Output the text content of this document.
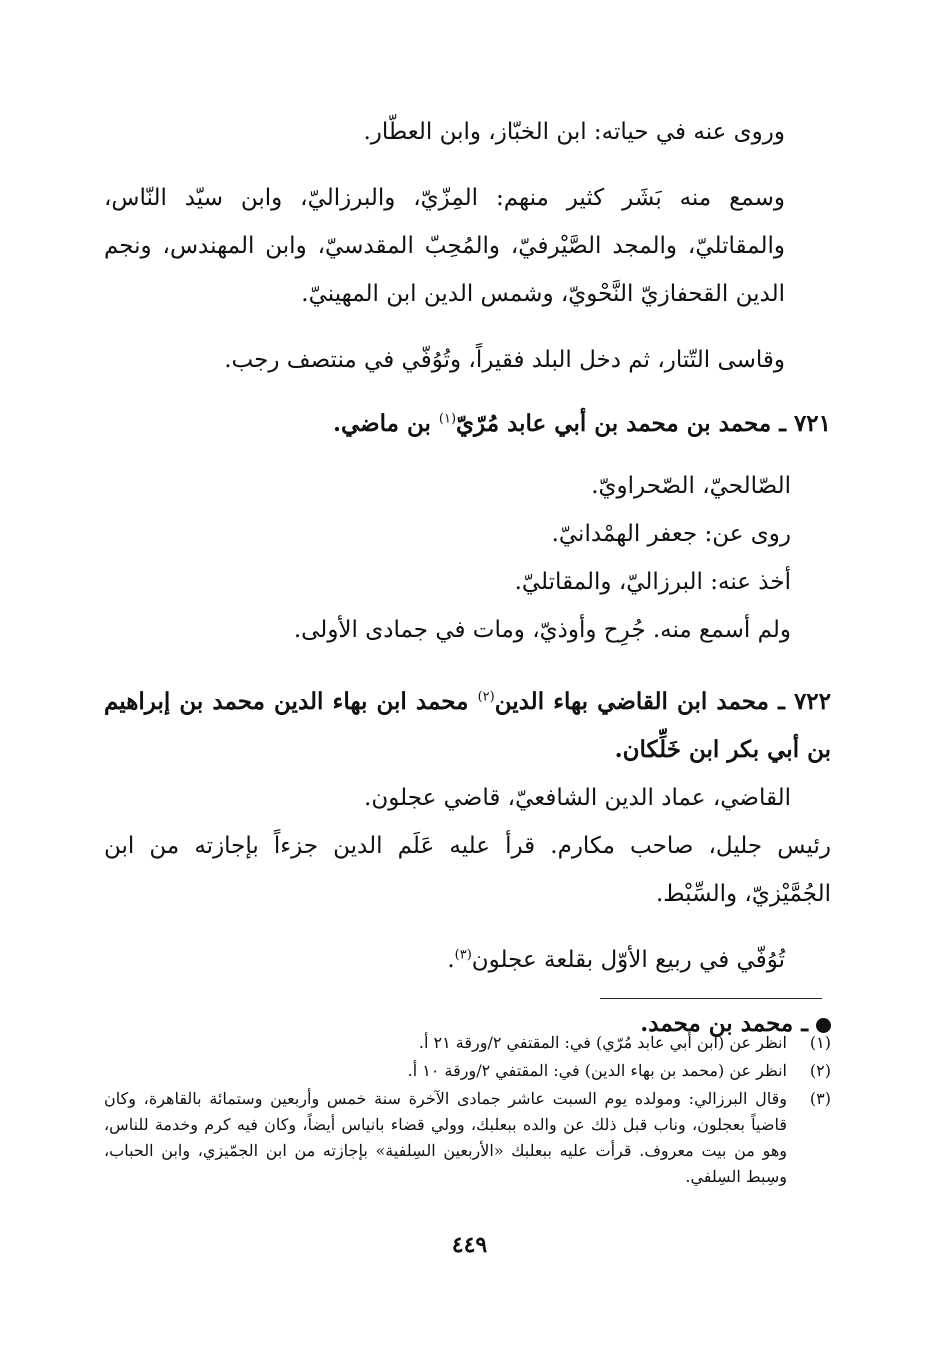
وروى عنه في حياته: ابن الخبّاز، وابن العطّار.

وسمع منه بَشَر كثير منهم: المِزّيّ، والبرزاليّ، وابن سيّد النّاس، والمقاتليّ، والمجد الصَّيْرفيّ، والمُحِبّ المقدسيّ، وابن المهندس، ونجم الدين القحفازيّ النَّحْويّ، وشمس الدين ابن المهينيّ.

وقاسى التّتار، ثم دخل البلد فقيراً، وتُوُفّي في منتصف رجب.

٧٢١ ـ محمد بن محمد بن أبي عابد مُرّيّ$^{(١)}$ بن ماضي.

الصّالحيّ، الصّحراويّ.

روى عن: جعفر الهمْدانيّ.

أخذ عنه: البرزاليّ، والمقاتليّ.

ولم أسمع منه. جُرِح وأوذيّ، ومات في جمادى الأولى.

٧٢٢ ـ محمد ابن القاضي بهاء الدين$^{(٢)}$ محمد ابن بهاء الدين محمد بن إبراهيم بن أبي بكر ابن خَلِّكان.

القاضي، عماد الدين الشافعيّ، قاضي عجلون.

رئيس جليل، صاحب مكارم. قرأ عليه عَلَم الدين جزءاً بإجازته من ابن الجُمَّيْزيّ، والسِّبْط.

تُوُفّي في ربيع الأوّل بقلعة عجلون$^{(٣)}$.

ـ محمد بن محمد.

(١)
انظر عن (ابن أبي عابد مُرّي) في: المقتفي ٢/ورقة ٢١ أ.
(٢)
انظر عن (محمد بن بهاء الدين) في: المقتفي ٢/ورقة ١٠ أ.
(٣)
وقال البرزالي: ومولده يوم السبت عاشر جمادى الآخرة سنة خمس وأربعين وستمائة بالقاهرة، وكان قاضياً بعجلون، وناب قبل ذلك عن والده ببعلبك، وولي قضاء بانياس أيضاً، وكان فيه كرم وخدمة للناس، وهو من بيت معروف. قرأت عليه ببعلبك «الأربعين السِلفية» بإجازته من ابن الجمّيزي، وابن الحباب، وسِبط السِلفي.
٤٤٩
